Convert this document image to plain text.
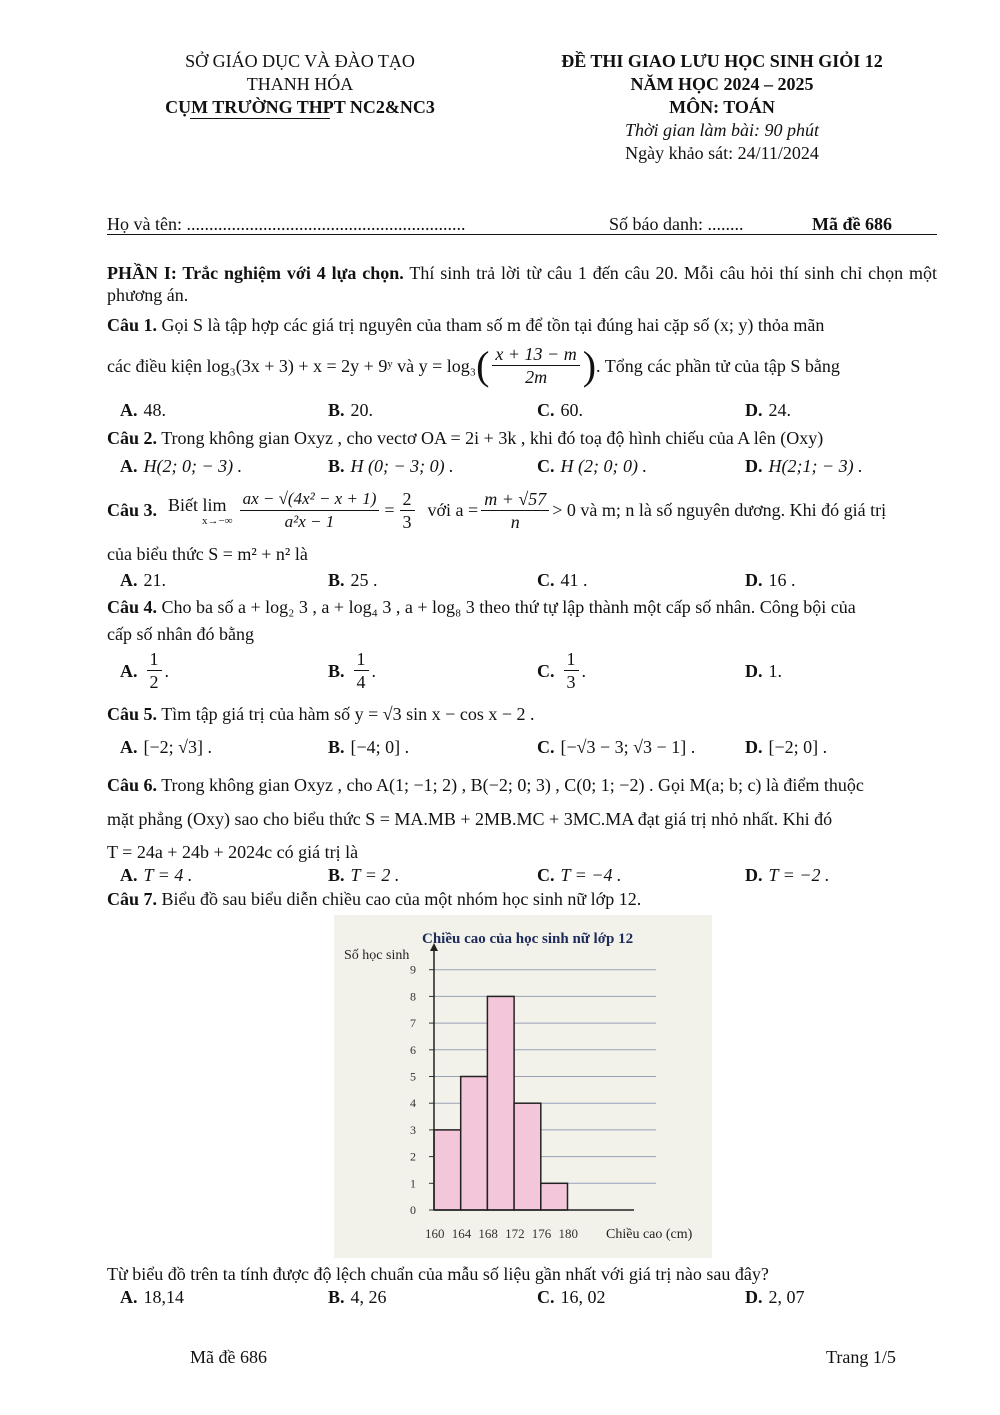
SỞ GIÁO DỤC VÀ ĐÀO TẠO
THANH HÓA
CỤM TRƯỜNG THPT NC2&NC3
ĐỀ THI GIAO LƯU HỌC SINH GIỎI 12
NĂM HỌC 2024 – 2025
MÔN: TOÁN
Thời gian làm bài: 90 phút
Ngày khảo sát: 24/11/2024
Họ và tên: ..............................................................	Số báo danh: ........	Mã đề 686
PHẦN I: Trắc nghiệm với 4 lựa chọn. Thí sinh trả lời từ câu 1 đến câu 20. Mỗi câu hỏi thí sinh chỉ chọn một phương án.
Câu 1. Gọi S là tập hợp các giá trị nguyên của tham số m để tồn tại đúng hai cặp số (x; y) thỏa mãn
các điều kiện log₃(3x + 3) + x = 2y + 9ʸ và y = log₃ ( $\frac{x + 13 - m}{2m}$ ) . Tổng các phần tử của tập S bằng
A. 48.	B. 20.	C. 60.	D. 24.
Câu 2. Trong không gian Oxyz , cho vectơ OA = 2i + 3k , khi đó toạ độ hình chiếu của A lên (Oxy)
A. H(2; 0; − 3) .	B. H (0; − 3; 0) .	C. H (2; 0; 0) .	D. H(2;1; − 3) .
Câu 3. Biết lim
$x\to-\infty \frac{\text{ax − √(4x² − x + 1)}}{\text{a²x − 1}} = \frac{2}{3}$ với $a = \frac{m + √57}{n} > 0$ và m; n là số nguyên dương. Khi đó giá trị
của biểu thức S = m² + n² là
A. 21.	B. 25 .	C. 41 .	D. 16 .
Câu 4. Cho ba số a + log₂ 3 , a + log₄ 3 , a + log₈ 3 theo thứ tự lập thành một cấp số nhân. Công bội của
cấp số nhân đó bằng
A. $\frac{1}{2}$ .	B. $\frac{1}{4}$ .	C. $\frac{1}{3}$ .	D. 1.
Câu 5. Tìm tập giá trị của hàm số y = √3 sin x − cos x − 2 .
A. [−2; √3] .	B. [−4; 0] .	C. [−√3 − 3; √3 − 1] .	D. [−2; 0] .
Câu 6. Trong không gian Oxyz , cho A(1; −1; 2) , B(−2; 0; 3) , C(0; 1; −2) . Gọi M(a; b; c) là điểm thuộc
mặt phẳng (Oxy) sao cho biểu thức S = MA.MB + 2MB.MC + 3MC.MA đạt giá trị nhỏ nhất. Khi đó
T = 24a + 24b + 2024c có giá trị là
A. T = 4 .	B. T = 2 .	C. T = −4 .	D. T = −2 .
Câu 7. Biểu đồ sau biểu diễn chiều cao của một nhóm học sinh nữ lớp 12.
0
1
2
3
4
5
6
7
8
9
160 164 168 172 176 180
Chiều cao của học sinh nữ lớp 12
Số học sinh
Chiều cao (cm)
Từ biểu đồ trên ta tính được độ lệch chuẩn của mẫu số liệu gần nhất với giá trị nào sau đây?
A. 18,14	B. 4, 26	C. 16, 02	D. 2, 07
Mã đề 686	Trang 1/5
